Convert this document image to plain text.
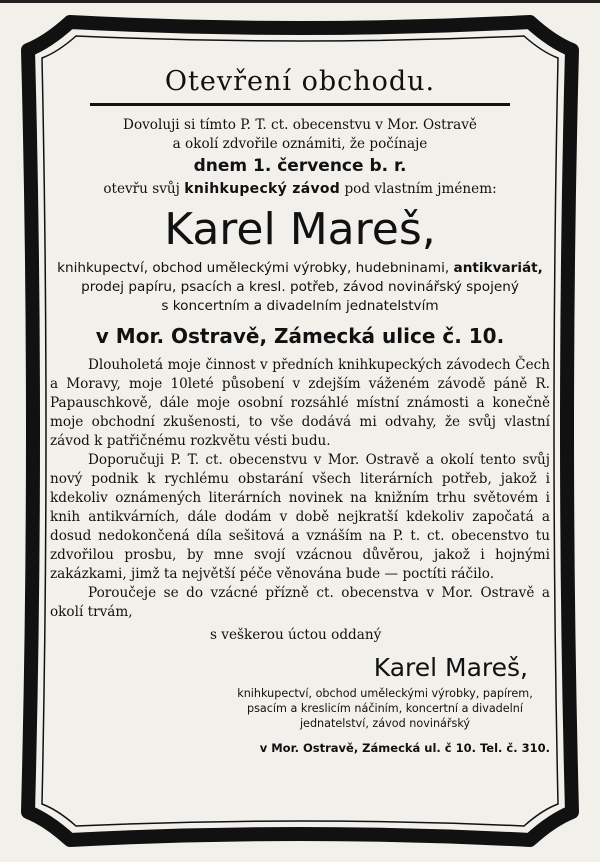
Otevření obchodu.

Dovoluji si tímto P. T. ct. obecenstvu v Mor. Ostravě

a okolí zdvořile oznámiti, že počínaje

dnem 1. července b. r.

otevřu svůj knihkupecký závod pod vlastním jménem:

Karel Mareš,

knihkupectví, obchod uměleckými výrobky, hudebninami, antikvariát,

prodej papíru, psacích a kresl. potřeb, závod novinářský spojený

s koncertním a divadelním jednatelstvím

v Mor. Ostravě, Zámecká ulice č. 10.

Dlouholetá moje činnost v předních knihkupeckých závodech Čech a Moravy, moje 10leté působení v zdejším váženém závodě páně R. Papauschkově, dále moje osobní rozsáhlé místní známosti a konečně moje obchodní zkušenosti, to vše dodává mi odvahy, že svůj vlastní závod k patřičnému rozkvětu vésti budu.

Doporučuji P. T. ct. obecenstvu v Mor. Ostravě a okolí tento svůj nový podnik k rychlému obstarání všech literárních potřeb, jakož i kdekoliv oznámených literárních novinek na knižním trhu světovém i knih antikvárních, dále dodám v době nejkratší kdekoliv započatá a dosud nedokončená díla sešitová a vznáším na P. t. ct. obecenstvo tu zdvořilou prosbu, by mne svojí vzácnou důvěrou, jakož i hojnými zakázkami, jimž ta největší péče věnována bude — poctíti ráčilo.

Poroučeje se do vzácné přízně ct. obecenstva v Mor. Ostravě a okolí trvám,

s veškerou úctou oddaný

Karel Mareš,

knihkupectví, obchod uměleckými výrobky, papírem,

psacím a kreslicím náčiním, koncertní a divadelní

jednatelství, závod novinářský

v Mor. Ostravě, Zámecká ul. č 10. Tel. č. 310.
